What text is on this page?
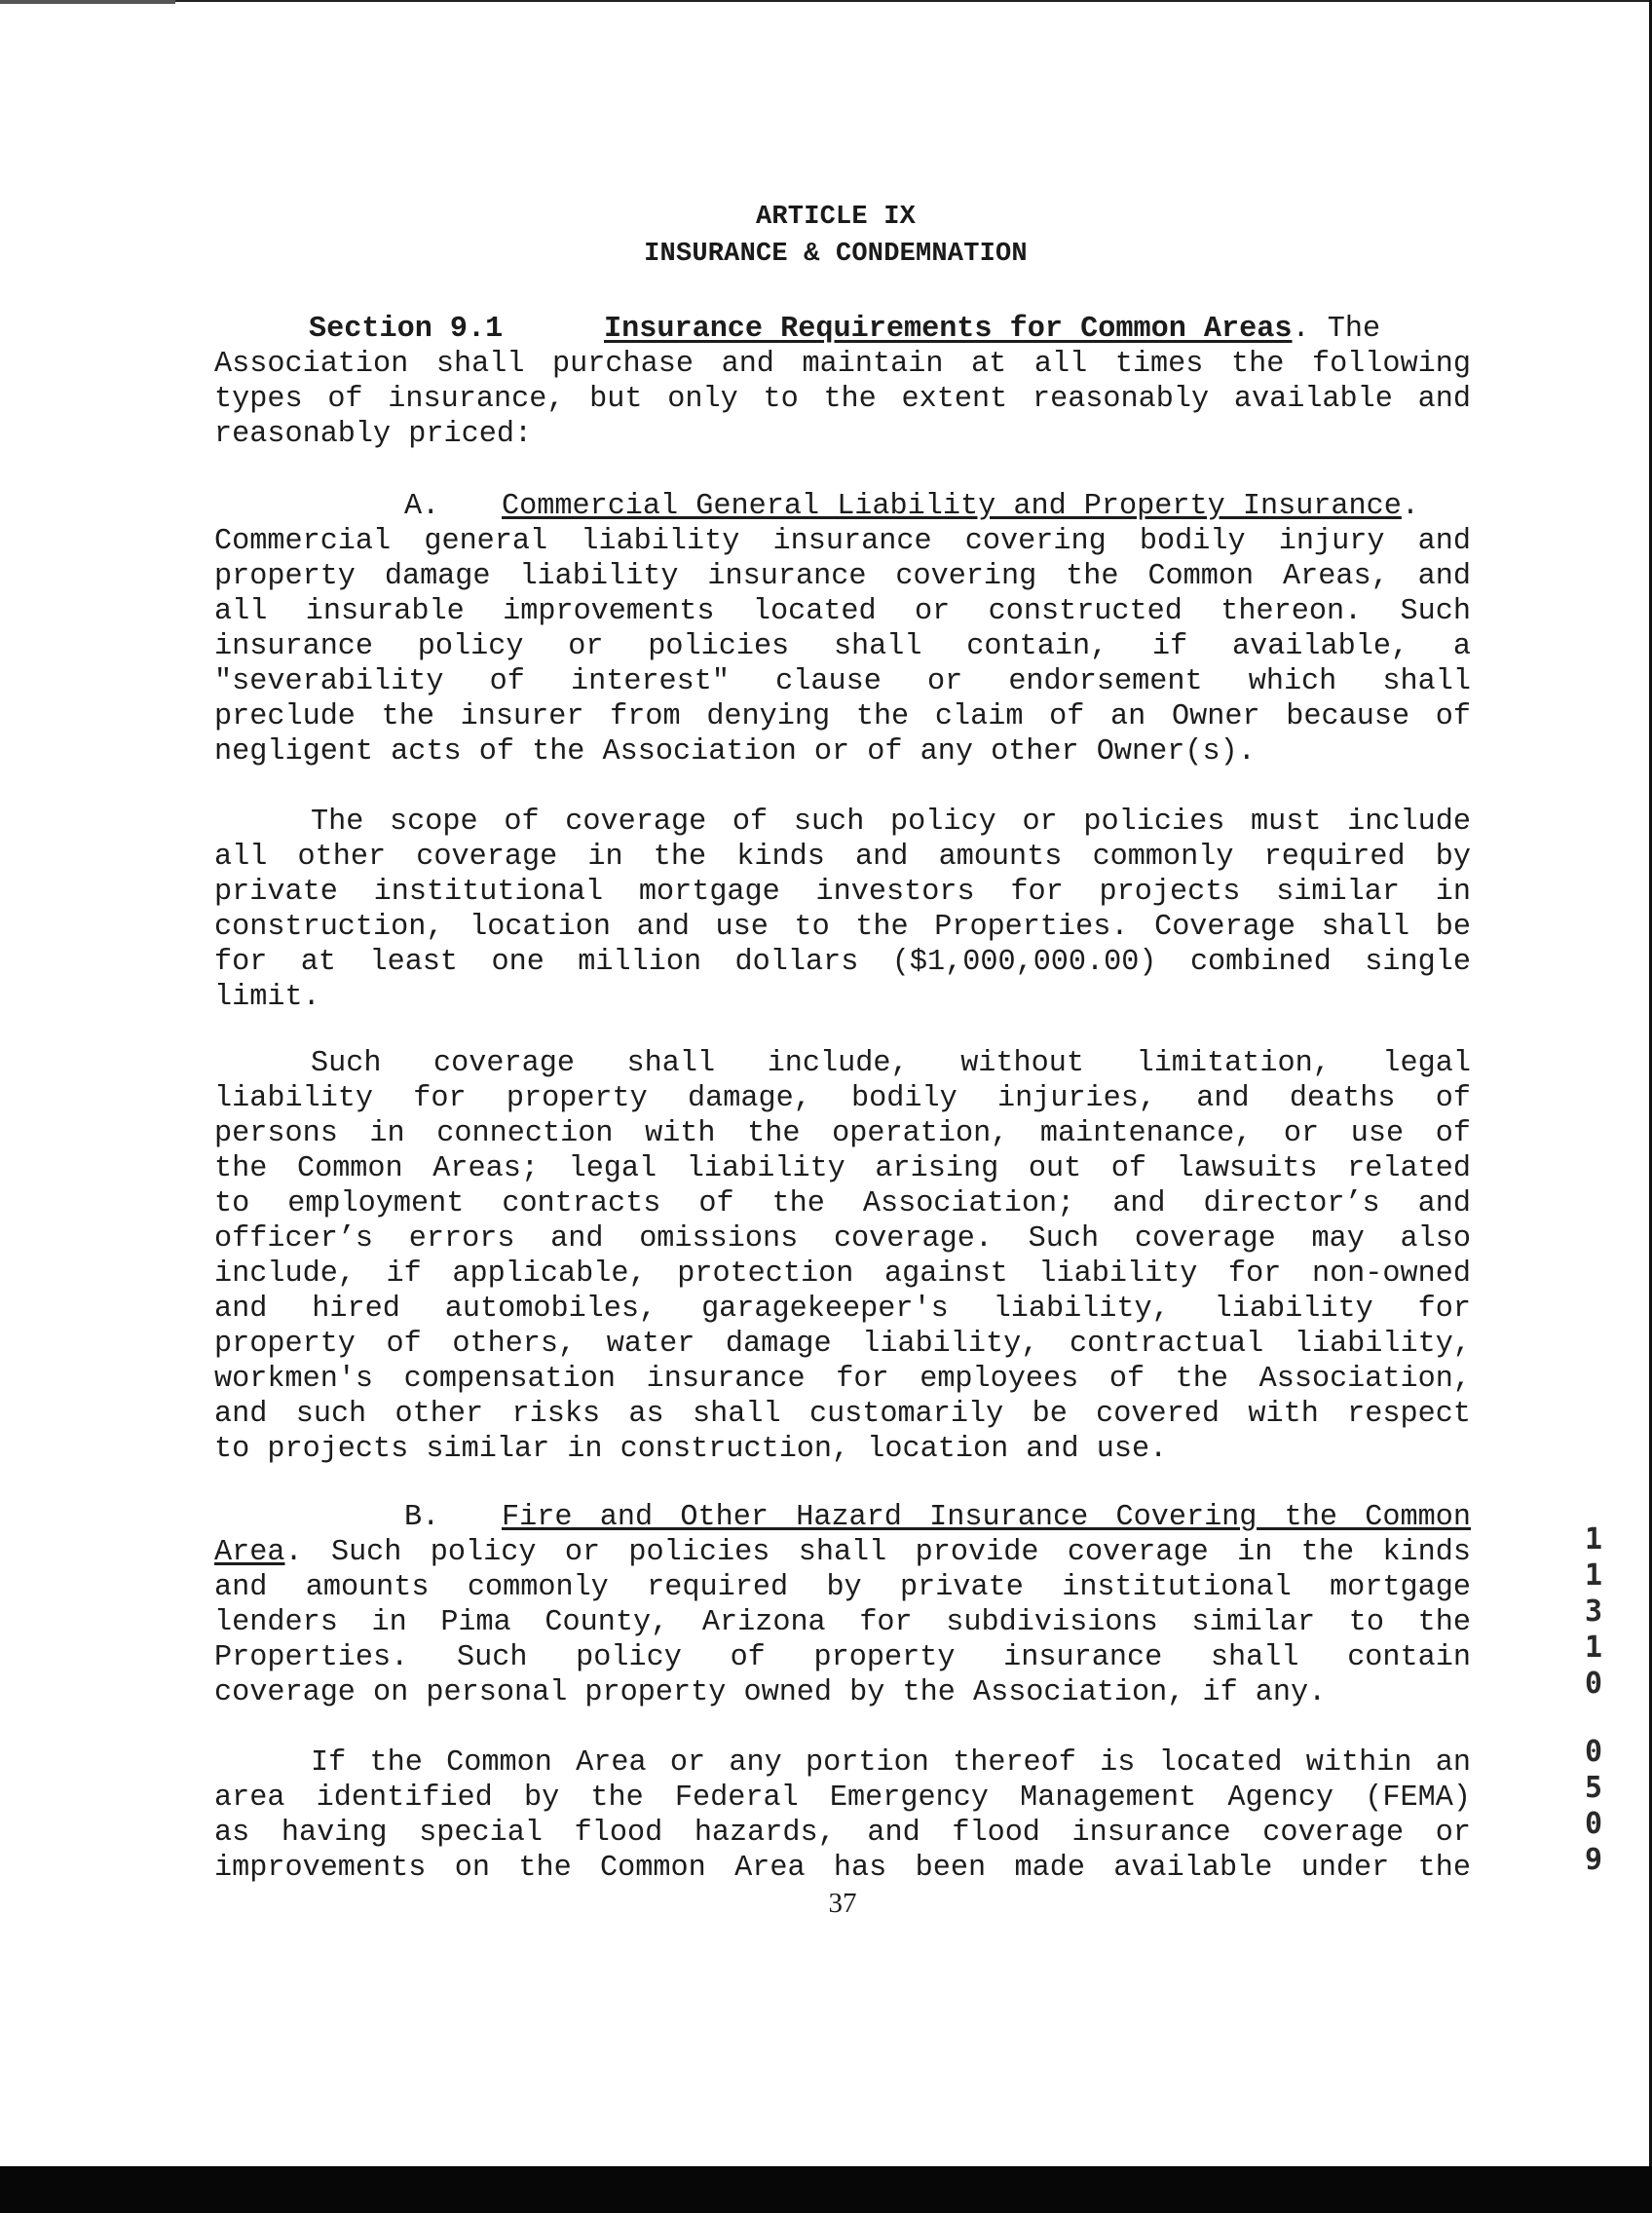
ARTICLE IX
INSURANCE & CONDEMNATION
Section 9.1	Insurance Requirements for Common Areas. The
Association shall purchase and maintain at all times the following
types of insurance, but only to the extent reasonably available and
reasonably priced:
A. Commercial General Liability and Property Insurance.
Commercial general liability insurance covering bodily injury and
property damage liability insurance covering the Common Areas, and
all insurable improvements located or constructed thereon. Such
insurance policy or policies shall contain, if available, a
"severability of interest" clause or endorsement which shall
preclude the insurer from denying the claim of an Owner because of
negligent acts of the Association or of any other Owner(s).
The scope of coverage of such policy or policies must include
all other coverage in the kinds and amounts commonly required by
private institutional mortgage investors for projects similar in
construction, location and use to the Properties. Coverage shall be
for at least one million dollars ($1,000,000.00) combined single
limit.
Such coverage shall include, without limitation, legal
liability for property damage, bodily injuries, and deaths of
persons in connection with the operation, maintenance, or use of
the Common Areas; legal liability arising out of lawsuits related
to employment contracts of the Association; and director’s and
officer’s errors and omissions coverage. Such coverage may also
include, if applicable, protection against liability for non-owned
and hired automobiles, garagekeeper's liability, liability for
property of others, water damage liability, contractual liability,
workmen's compensation insurance for employees of the Association,
and such other risks as shall customarily be covered with respect
to projects similar in construction, location and use.
B. Fire and Other Hazard Insurance Covering the Common
Area. Such policy or policies shall provide coverage in the kinds
and amounts commonly required by private institutional mortgage
lenders in Pima County, Arizona for subdivisions similar to the
Properties. Such policy of property insurance shall contain
coverage on personal property owned by the Association, if any.
If the Common Area or any portion thereof is located within an
area identified by the Federal Emergency Management Agency (FEMA)
as having special flood hazards, and flood insurance coverage or
improvements on the Common Area has been made available under the
37
1
1
3
1
0
0
5
0
9
